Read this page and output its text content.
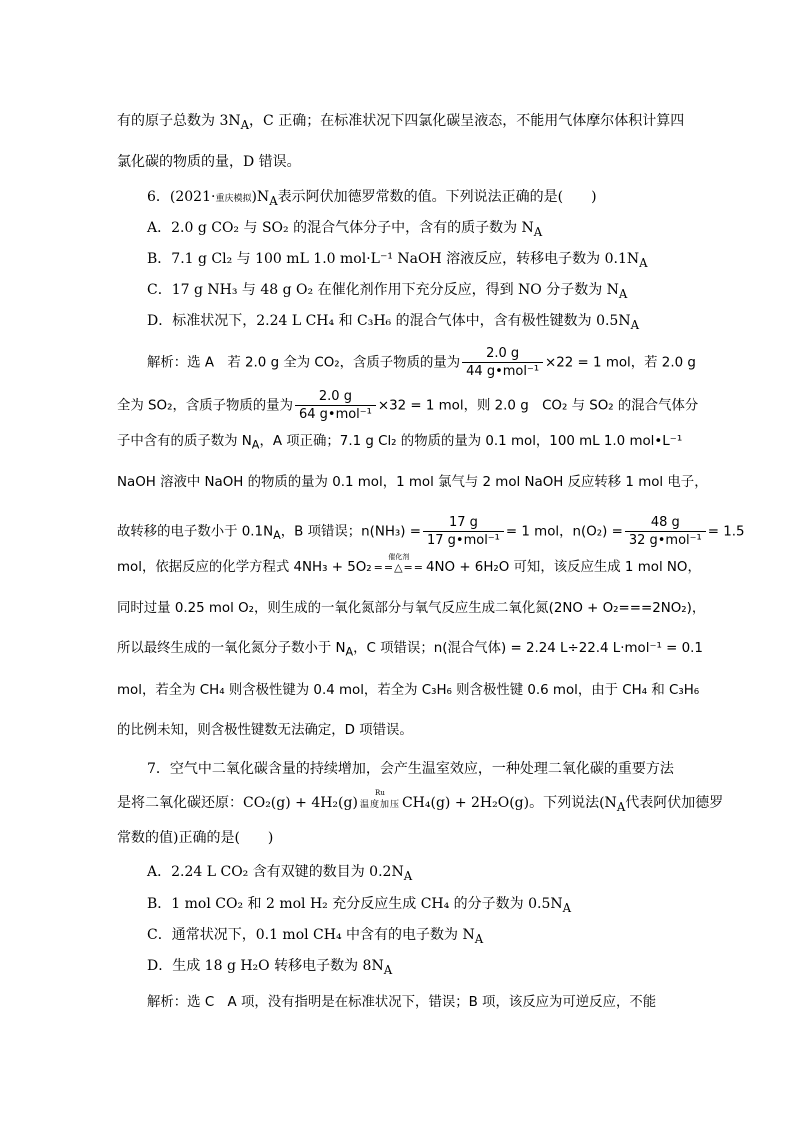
有的原子总数为 $3N_A$，C 正确；在标准状况下四氯化碳呈液态，不能用气体摩尔体积计算四
氯化碳的物质的量，D 错误。
6．(2021·重庆模拟)$N_A$表示阿伏加德罗常数的值。下列说法正确的是(　　)
A．2.0 g CO₂ 与 SO₂ 的混合气体分子中，含有的质子数为 $N_A$
B．7.1 g Cl₂ 与 100 mL 1.0 mol·L⁻¹ NaOH 溶液反应，转移电子数为 $0.1N_A$
C．17 g NH₃ 与 48 g O₂ 在催化剂作用下充分反应，得到 NO 分子数为 $N_A$
D．标准状况下，2.24 L CH₄ 和 C₃H₆ 的混合气体中，含有极性键数为 $0.5N_A$
解析：选 A　若 2.0 g 全为 CO₂，含质子物质的量为 $\frac{2.0 g}{\text{44 g•mol⁻¹}} \times 22 = 1$ mol，若 2.0 g
全为 SO₂，含质子物质的量为 $\frac{2.0 g}{\text{64 g•mol⁻¹}} \times 32 = 1$ mol，则 2.0 g　CO₂ 与 SO₂ 的混合气体分
子中含有的质子数为 $N_A$，A 项正确；7.1 g Cl₂ 的物质的量为 0.1 mol，100 mL 1.0 mol•L⁻¹
NaOH 溶液中 NaOH 的物质的量为 0.1 mol，1 mol 氯气与 2 mol NaOH 反应转移 1 mol 电子，
故转移的电子数小于 $0.1N_A$，B 项错误；$n(NH_3) = \frac{17 g}{\text{17 g•mol⁻¹}} = 1$ mol，$n(O_2) = \frac{48 g}{\text{32 g•mol⁻¹}} = 1.5$
mol，依据反应的化学方程式 4NH₃ + 5O₂
催化剂
==△== 4NO + 6H₂O 可知，该反应生成 1 mol NO，
同时过量 0.25 mol O₂，则生成的一氧化氮部分与氧气反应生成二氧化氮(2NO + O₂===2NO₂)，
所以最终生成的一氧化氮分子数小于 $N_A$，C 项错误；n(混合气体) = 2.24 L÷22.4 L·mol⁻¹ = 0.1
mol，若全为 CH₄ 则含极性键为 0.4 mol，若全为 C₃H₆ 则含极性键 0.6 mol，由于 CH₄ 和 C₃H₆
的比例未知，则含极性键数无法确定，D 项错误。
7．空气中二氧化碳含量的持续增加，会产生温室效应，一种处理二氧化碳的重要方法
是将二氧化碳还原：CO₂(g) + 4H₂(g)
Ru
温度加压 CH₄(g) + 2H₂O(g)。下列说法($N_A$代表阿伏加德罗
常数的值)正确的是(　　)
A．2.24 L CO₂ 含有双键的数目为 $0.2N_A$
B．1 mol CO₂ 和 2 mol H₂ 充分反应生成 CH₄ 的分子数为 $0.5N_A$
C．通常状况下，0.1 mol CH₄ 中含有的电子数为 $N_A$
D．生成 18 g H₂O 转移电子数为 $8N_A$
解析：选 C　A 项，没有指明是在标准状况下，错误；B 项，该反应为可逆反应，不能
